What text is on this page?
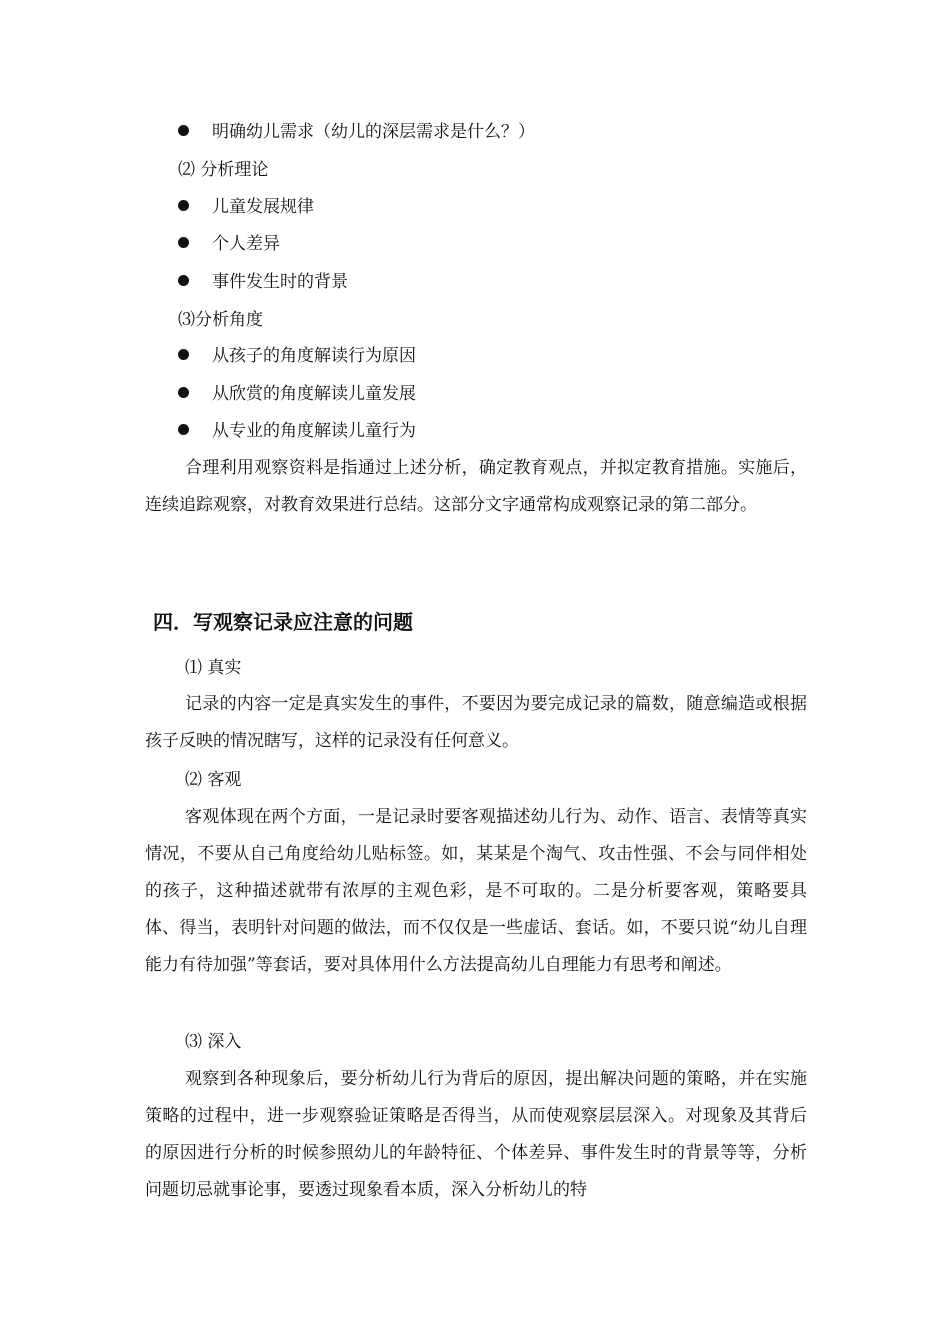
明确幼儿需求（幼儿的深层需求是什么？）
⑵ 分析理论
儿童发展规律
个人差异
事件发生时的背景
⑶分析角度
从孩子的角度解读行为原因
从欣赏的角度解读儿童发展
从专业的角度解读儿童行为
合理利用观察资料是指通过上述分析，确定教育观点，并拟定教育措施。实施后，连续追踪观察，对教育效果进行总结。这部分文字通常构成观察记录的第二部分。
四．写观察记录应注意的问题
⑴ 真实
记录的内容一定是真实发生的事件，不要因为要完成记录的篇数，随意编造或根据孩子反映的情况瞎写，这样的记录没有任何意义。
⑵ 客观
客观体现在两个方面，一是记录时要客观描述幼儿行为、动作、语言、表情等真实情况，不要从自己角度给幼儿贴标签。如，某某是个淘气、攻击性强、不会与同伴相处的孩子，这种描述就带有浓厚的主观色彩，是不可取的。二是分析要客观，策略要具体、得当，表明针对问题的做法，而不仅仅是一些虚话、套话。如，不要只说“幼儿自理能力有待加强”等套话，要对具体用什么方法提高幼儿自理能力有思考和阐述。
⑶ 深入
观察到各种现象后，要分析幼儿行为背后的原因，提出解决问题的策略，并在实施策略的过程中，进一步观察验证策略是否得当，从而使观察层层深入。对现象及其背后的原因进行分析的时候参照幼儿的年龄特征、个体差异、事件发生时的背景等等，分析问题切忌就事论事，要透过现象看本质，深入分析幼儿的特
